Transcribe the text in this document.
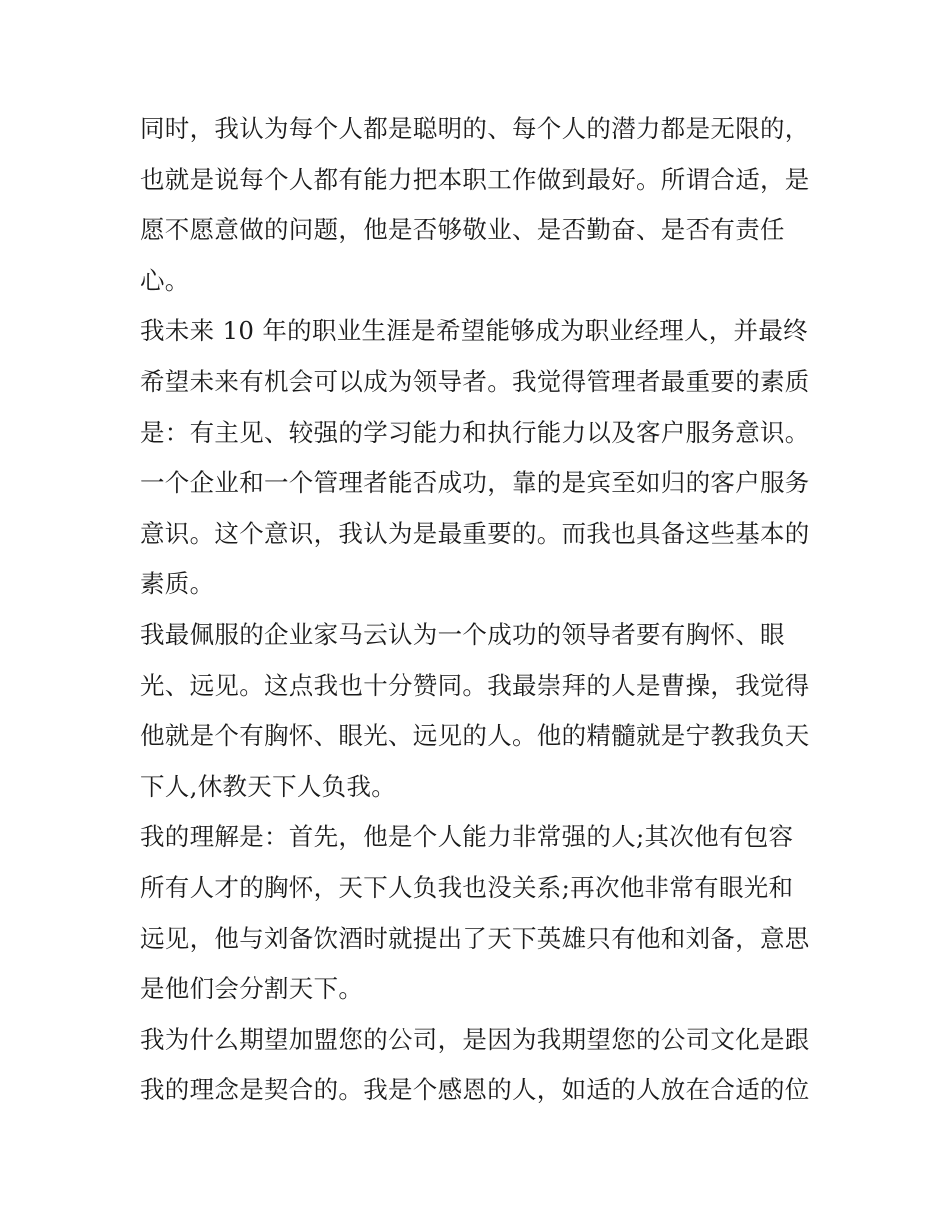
同时，我认为每个人都是聪明的、每个人的潜力都是无限的，
也就是说每个人都有能力把本职工作做到最好。所谓合适，是
愿不愿意做的问题，他是否够敬业、是否勤奋、是否有责任
心。
我未来 10 年的职业生涯是希望能够成为职业经理人，并最终
希望未来有机会可以成为领导者。我觉得管理者最重要的素质
是：有主见、较强的学习能力和执行能力以及客户服务意识。
一个企业和一个管理者能否成功，靠的是宾至如归的客户服务
意识。这个意识，我认为是最重要的。而我也具备这些基本的
素质。
我最佩服的企业家马云认为一个成功的领导者要有胸怀、眼
光、远见。这点我也十分赞同。我最崇拜的人是曹操，我觉得
他就是个有胸怀、眼光、远见的人。他的精髓就是宁教我负天
下人,休教天下人负我。
我的理解是：首先，他是个人能力非常强的人;其次他有包容
所有人才的胸怀，天下人负我也没关系;再次他非常有眼光和
远见，他与刘备饮酒时就提出了天下英雄只有他和刘备，意思
是他们会分割天下。
我为什么期望加盟您的公司，是因为我期望您的公司文化是跟
我的理念是契合的。我是个感恩的人，如适的人放在合适的位
